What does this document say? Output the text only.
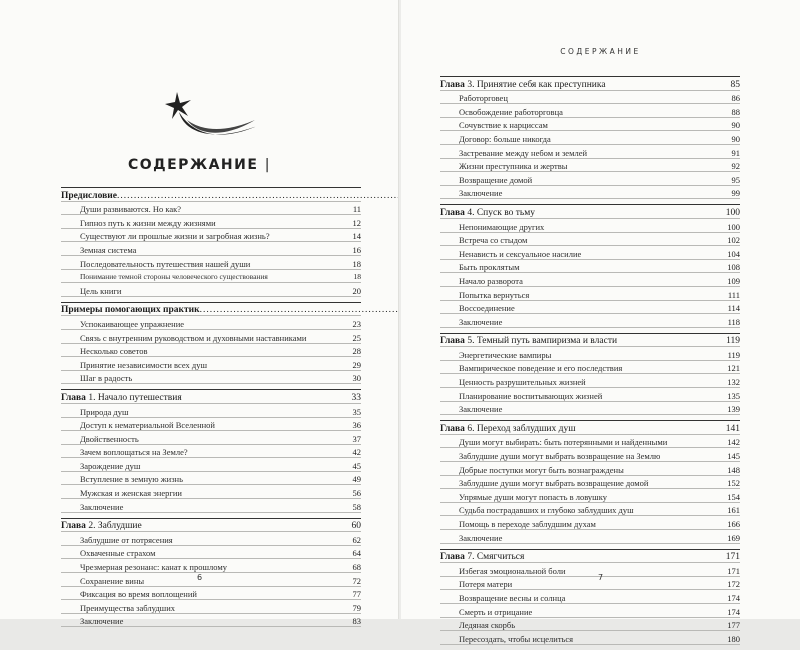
СОДЕРЖАНИЕ |
Предисловие
.....
Души развиваются. Но как?	11
Гипноз путь к жизни между жизнями	12
Существуют ли прошлые жизни и загробная жизнь?	14
Земная система	16
Последовательность путешествия нашей души	18
Понимание темной стороны человеческого существования	18
Цель книги	20
Примеры помогающих практик
.....
Успокаивающее упражнение	23
Связь с внутренним руководством и духовными наставниками	25
Несколько советов	28
Принятие независимости всех душ	29
Шаг в радость	30
Глава 1. Начало путешествия	33
Природа душ	35
Доступ к нематериальной Вселенной	36
Двойственность	37
Зачем воплощаться на Земле?	42
Зарождение душ	45
Вступление в земную жизнь	49
Мужская и женская энергии	56
Заключение	58
Глава 2. Заблудшие	60
Заблудшие от потрясения	62
Охваченные страхом	64
Чрезмерная резонанс: канат к прошлому	68
Сохранение вины	72
Фиксация во время воплощений	77
Преимущества заблудших	79
Заключение	83
6
СОДЕРЖАНИЕ
Глава 3. Принятие себя как преступника	85
Работорговец	86
Освобождение работорговца	88
Сочувствие к нарциссам	90
Договор: больше никогда	90
Застревание между небом и землей	91
Жизни преступника и жертвы	92
Возвращение домой	95
Заключение	99
Глава 4. Спуск во тьму	100
Непонимающие других	100
Встреча со стыдом	102
Ненависть и сексуальное насилие	104
Быть проклятым	108
Начало разворота	109
Попытка вернуться	111
Воссоединение	114
Заключение	118
Глава 5. Темный путь вампиризма и власти	119
Энергетические вампиры	119
Вампирическое поведение и его последствия	121
Ценность разрушительных жизней	132
Планирование воспитывающих жизней	135
Заключение	139
Глава 6. Переход заблудших душ	141
Души могут выбирать: быть потерянными и найденными	142
Заблудшие души могут выбрать возвращение на Землю	145
Добрые поступки могут быть вознаграждены	148
Заблудшие души могут выбрать возвращение домой	152
Упрямые души могут попасть в ловушку	154
Судьба пострадавших и глубоко заблудших душ	161
Помощь в переходе заблудшим духам	166
Заключение	169
Глава 7. Смягчиться	171
Избегая эмоциональной боли	171
Потеря матери	172
Возвращение весны и солнца	174
Смерть и отрицание	174
Ледяная скорбь	177
Пересоздать, чтобы исцелиться	180
7
